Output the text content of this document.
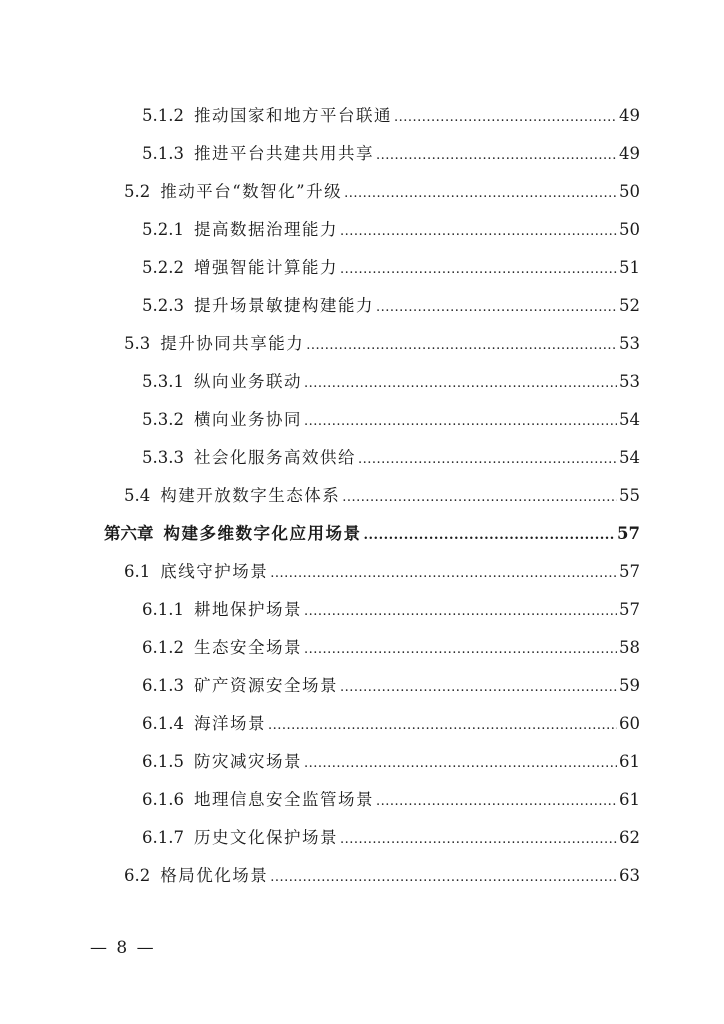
5.1.2 推动国家和地方平台联通 .....	49
5.1.3 推进平台共建共用共享 .....	49
5.2 推动平台“数智化”升级 .....	50
5.2.1 提高数据治理能力 .....	50
5.2.2 增强智能计算能力 .....	51
5.2.3 提升场景敏捷构建能力 .....	52
5.3 提升协同共享能力 .....	53
5.3.1 纵向业务联动 .....	53
5.3.2 横向业务协同 .....	54
5.3.3 社会化服务高效供给 .....	54
5.4 构建开放数字生态体系 .....	55
第六章 构建多维数字化应用场景 .....	57
6.1 底线守护场景 .....	57
6.1.1 耕地保护场景 .....	57
6.1.2 生态安全场景 .....	58
6.1.3 矿产资源安全场景 .....	59
6.1.4 海洋场景 .....	60
6.1.5 防灾减灾场景 .....	61
6.1.6 地理信息安全监管场景 .....	61
6.1.7 历史文化保护场景 .....	62
6.2 格局优化场景 .....	63
— 8 —
